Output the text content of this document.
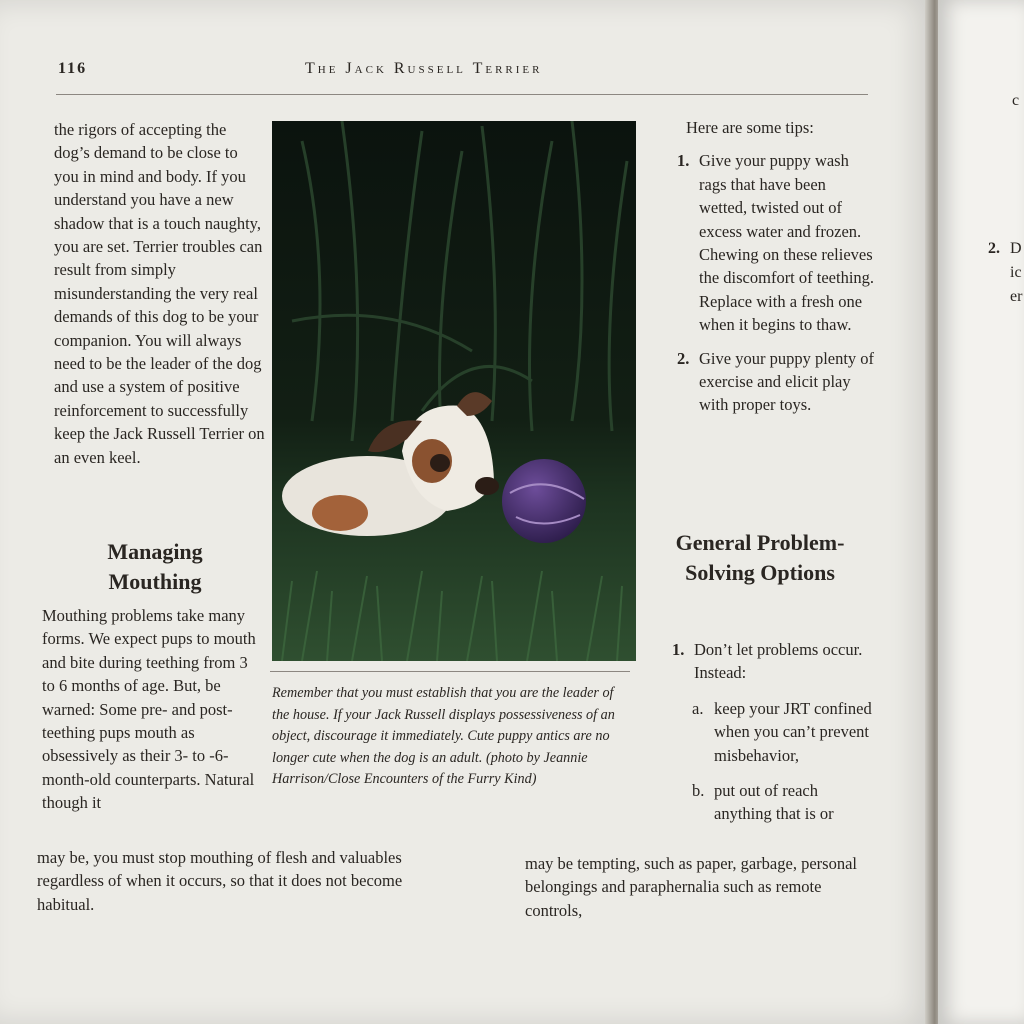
116	The Jack Russell Terrier

the rigors of accepting the dog’s demand to be close to you in mind and body. If you understand you have a new shadow that is a touch naughty, you are set. Terrier troubles can result from simply misunderstanding the very real demands of this dog to be your companion. You will always need to be the leader of the dog and use a system of positive reinforcement to successfully keep the Jack Russell Terrier on an even keel.

Managing Mouthing

Mouthing problems take many forms. We expect pups to mouth and bite during teething from 3 to 6 months of age. But, be warned: Some pre- and post-teething pups mouth as obsessively as their 3- to -6-month-old counterparts. Natural though it

may be, you must stop mouthing of flesh and valuables regardless of when it occurs, so that it does not become habitual.

Remember that you must establish that you are the leader of the house. If your Jack Russell displays possessiveness of an object, discourage it immediately. Cute puppy antics are no longer cute when the dog is an adult. (photo by Jeannie Harrison/Close Encounters of the Furry Kind)

Here are some tips:

1. Give your puppy wash rags that have been wetted, twisted out of excess water and frozen. Chewing on these relieves the discomfort of teething. Replace with a fresh one when it begins to thaw.
2. Give your puppy plenty of exercise and elicit play with proper toys.
General Problem-Solving Options
1. Don’t let problems occur. Instead:
a. keep your JRT confined when you can’t prevent misbehavior,
b. put out of reach anything that is or

may be tempting, such as paper, garbage, personal belongings and paraphernalia such as remote controls,

c
2. D
ic
er
